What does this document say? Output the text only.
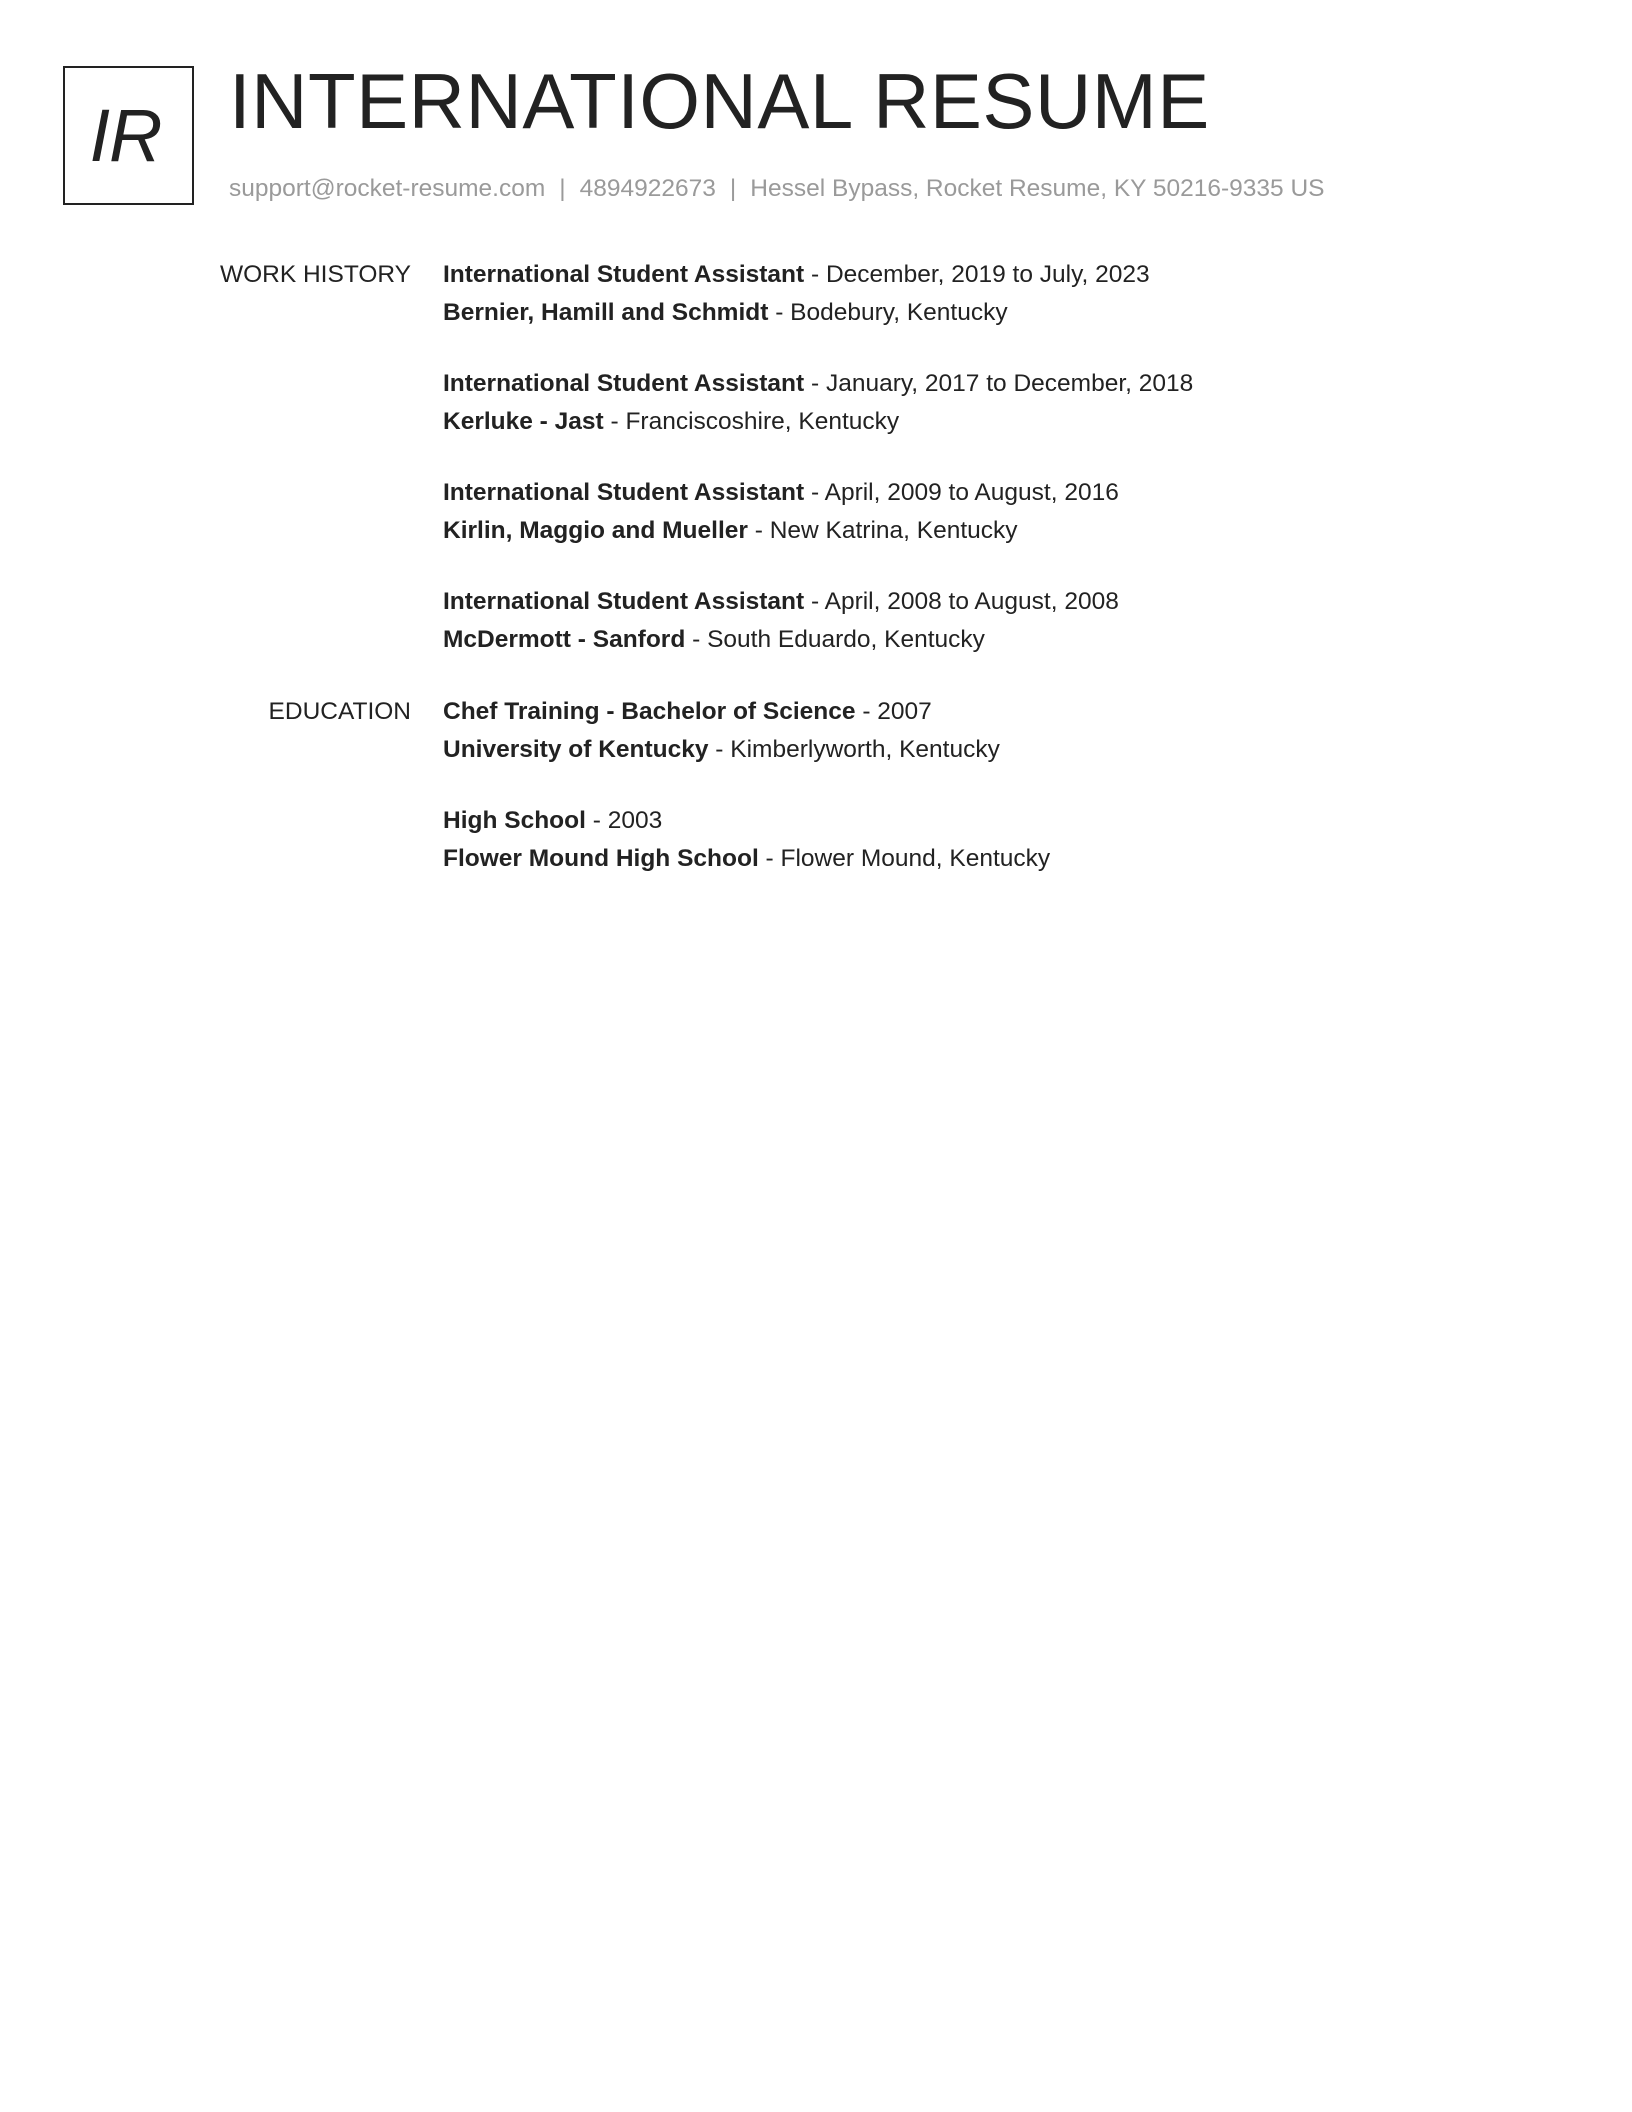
IR INTERNATIONAL RESUME
support@rocket-resume.com | 4894922673 | Hessel Bypass, Rocket Resume, KY 50216-9335 US
WORK HISTORY International Student Assistant - December, 2019 to July, 2023
Bernier, Hamill and Schmidt - Bodebury, Kentucky
International Student Assistant - January, 2017 to December, 2018
Kerluke - Jast - Franciscoshire, Kentucky
International Student Assistant - April, 2009 to August, 2016
Kirlin, Maggio and Mueller - New Katrina, Kentucky
International Student Assistant - April, 2008 to August, 2008
McDermott - Sanford - South Eduardo, Kentucky
EDUCATION Chef Training - Bachelor of Science - 2007
University of Kentucky - Kimberlyworth, Kentucky
High School - 2003
Flower Mound High School - Flower Mound, Kentucky
